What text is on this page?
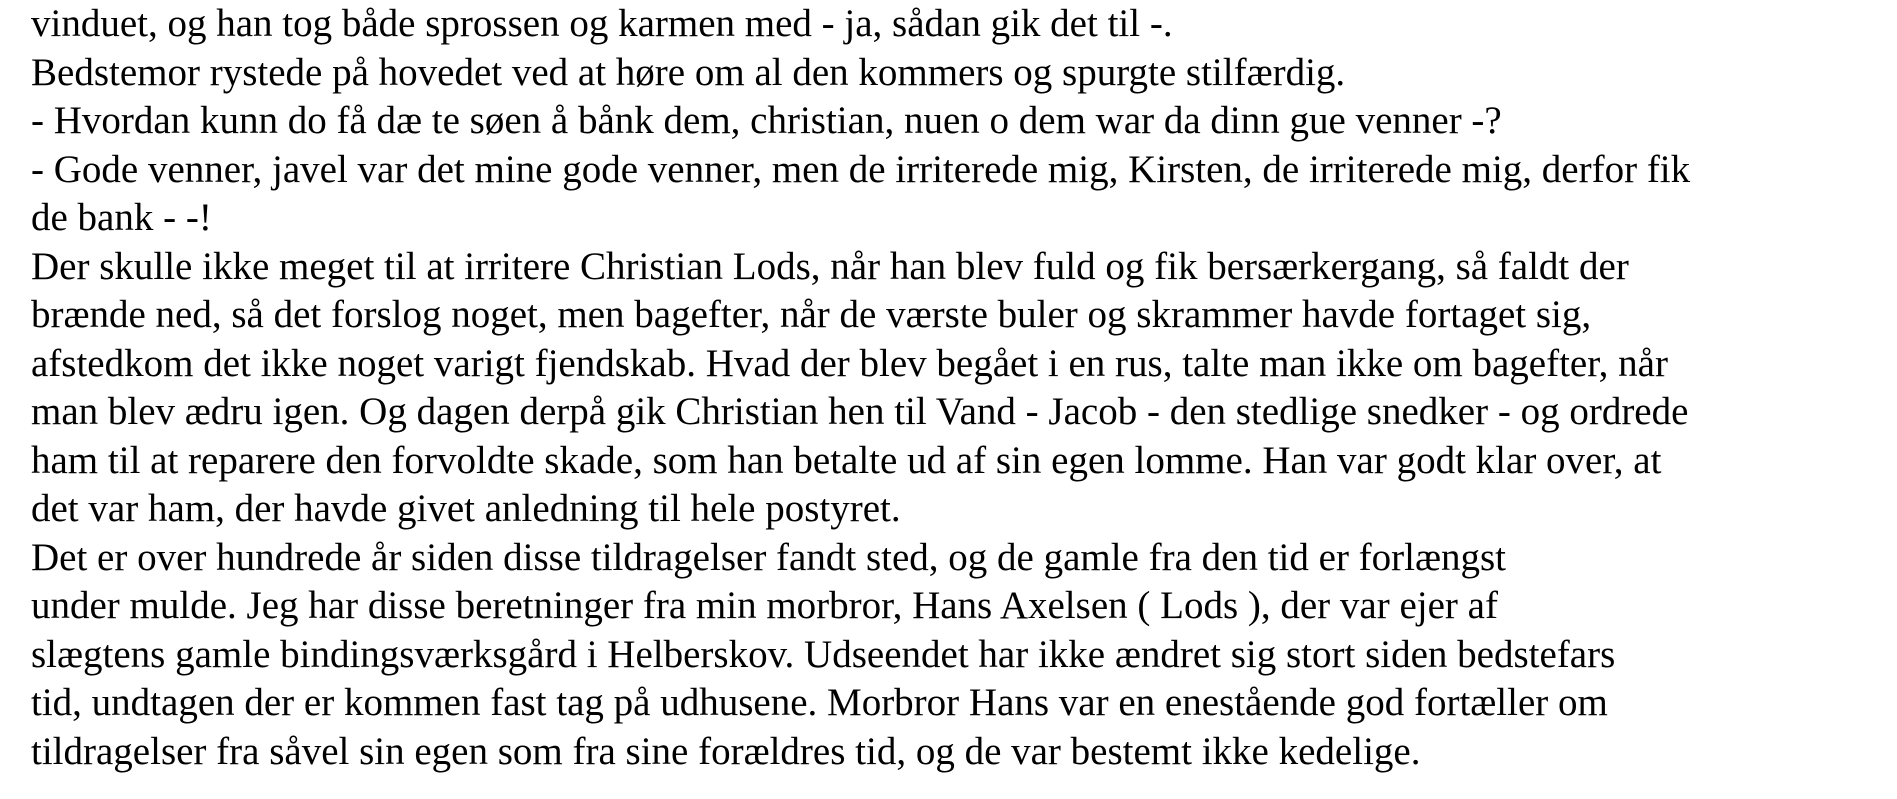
vinduet, og han tog både sprossen og karmen med - ja, sådan gik det til -.
Bedstemor rystede på hovedet ved at høre om al den kommers og spurgte stilfærdig.
- Hvordan kunn do få dæ te søen å bånk dem, christian, nuen o dem war da dinn gue venner -?
- Gode venner, javel var det mine gode venner, men de irriterede mig, Kirsten, de irriterede mig, derfor fik
de bank - -!
Der skulle ikke meget til at irritere Christian Lods, når han blev fuld og fik bersærkergang, så faldt der
brænde ned, så det forslog noget, men bagefter, når de værste buler og skrammer havde fortaget sig,
afstedkom det ikke noget varigt fjendskab. Hvad der blev begået i en rus, talte man ikke om bagefter, når
man blev ædru igen. Og dagen derpå gik Christian hen til Vand - Jacob - den stedlige snedker - og ordrede
ham til at reparere den forvoldte skade, som han betalte ud af sin egen lomme. Han var godt klar over, at
det var ham, der havde givet anledning til hele postyret.
Det er over hundrede år siden disse tildragelser fandt sted, og de gamle fra den tid er forlængst
under mulde. Jeg har disse beretninger fra min morbror, Hans Axelsen ( Lods ), der var ejer af
slægtens gamle bindingsværksgård i Helberskov. Udseendet har ikke ændret sig stort siden bedstefars
tid, undtagen der er kommen fast tag på udhusene. Morbror Hans var en enestående god fortæller om
tildragelser fra såvel sin egen som fra sine forældres tid, og de var bestemt ikke kedelige.
